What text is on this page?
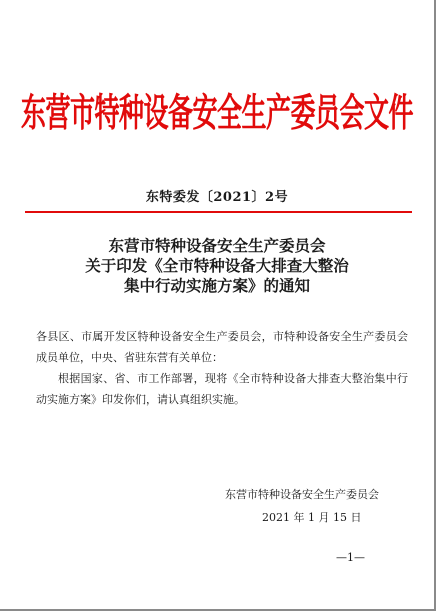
东营市特种设备安全生产委员会文件
东特委发〔2021〕2号
东营市特种设备安全生产委员会
关于印发《全市特种设备大排查大整治
集中行动实施方案》的通知

各县区、市属开发区特种设备安全生产委员会，市特种设备安全生产委员会成员单位，中央、省驻东营有关单位：

根据国家、省、市工作部署，现将《全市特种设备大排查大整治集中行动实施方案》印发你们，请认真组织实施。

东营市特种设备安全生产委员会
2021 年 1 月 15 日
—1—
